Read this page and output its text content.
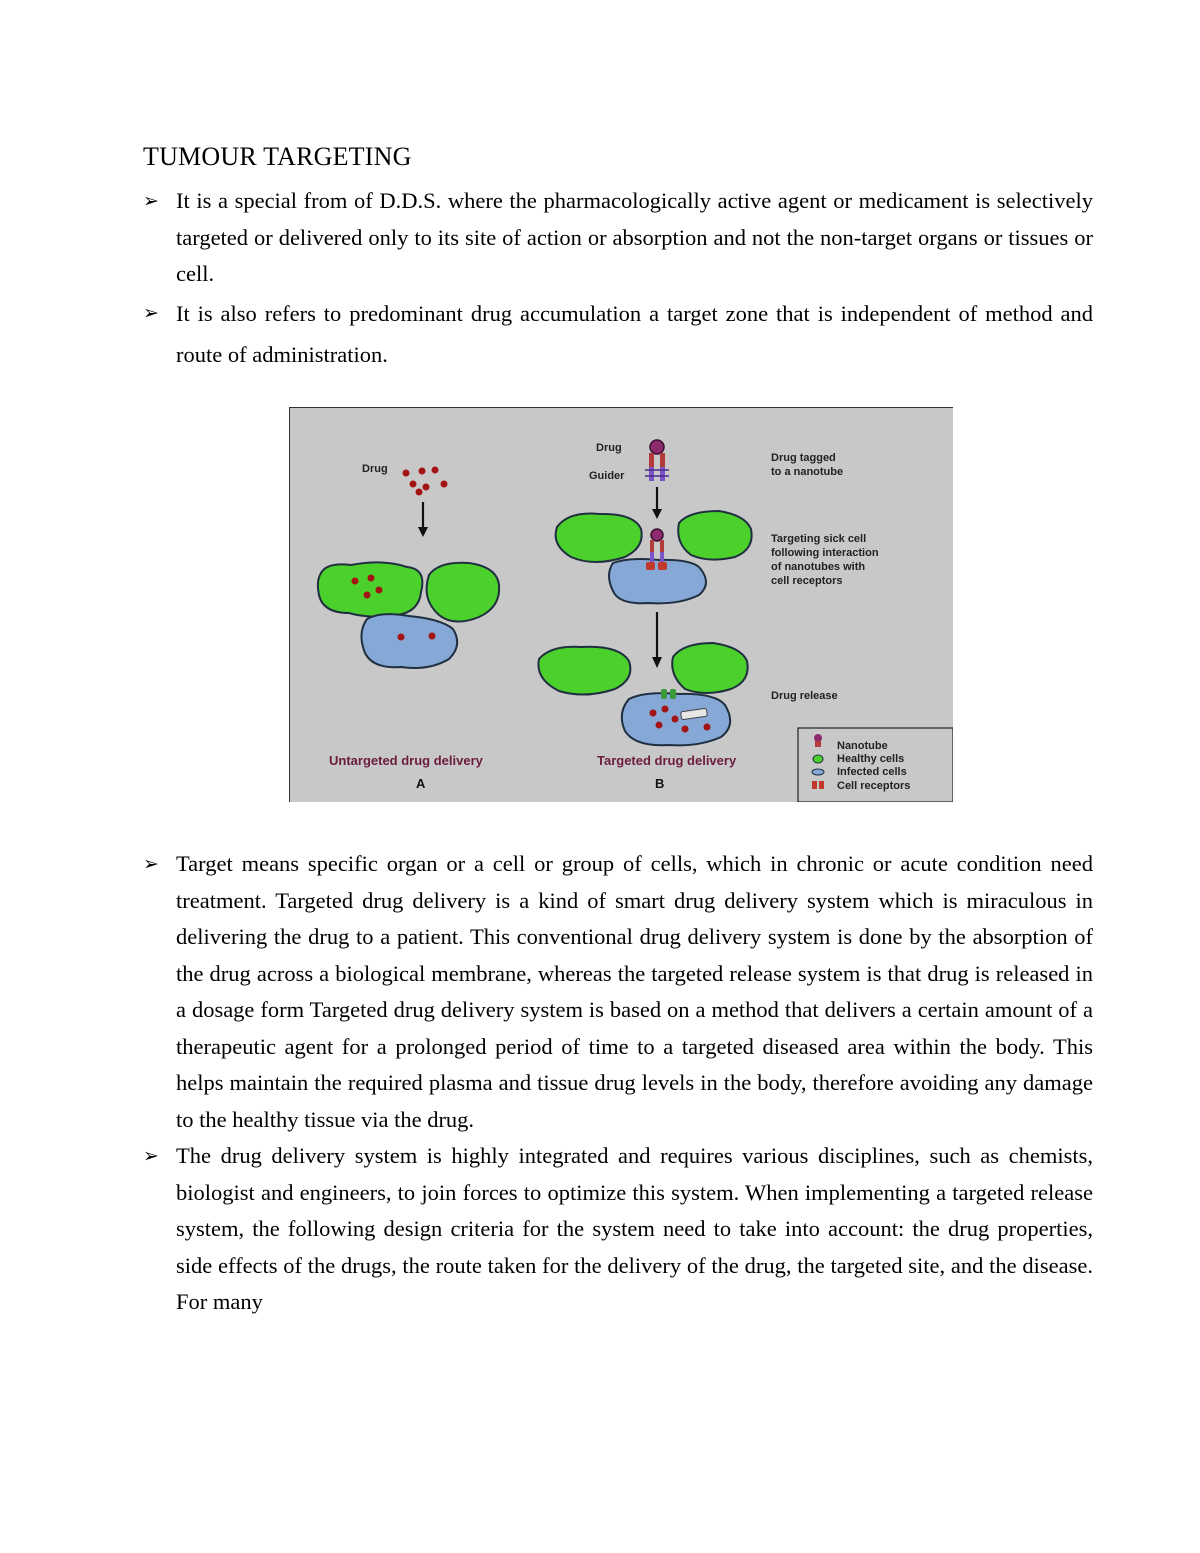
TUMOUR TARGETING
➢ It is a special from of D.D.S. where the pharmacologically active agent or medicament is selectively targeted or delivered only to its site of action or absorption and not the non-target organs or tissues or cell.
➢ It is also refers to predominant drug accumulation a target zone that is independent of method and route of administration.
Drug
Untargeted drug delivery
A
Drug
Guider
Targeted drug delivery
B
Drug tagged
to a nanotube
Targeting sick cell
following interaction
of nanotubes with
cell receptors
Drug release
Nanotube
Healthy cells
Infected cells
Cell receptors
➢ Target means specific organ or a cell or group of cells, which in chronic or acute condition need treatment. Targeted drug delivery is a kind of smart drug delivery system which is miraculous in delivering the drug to a patient. This conventional drug delivery system is done by the absorption of the drug across a biological membrane, whereas the targeted release system is that drug is released in a dosage form Targeted drug delivery system is based on a method that delivers a certain amount of a therapeutic agent for a prolonged period of time to a targeted diseased area within the body. This helps maintain the required plasma and tissue drug levels in the body, therefore avoiding any damage to the healthy tissue via the drug.
➢ The drug delivery system is highly integrated and requires various disciplines, such as chemists, biologist and engineers, to join forces to optimize this system. When implementing a targeted release system, the following design criteria for the system need to take into account: the drug properties, side effects of the drugs, the route taken for the delivery of the drug, the targeted site, and the disease. For many
